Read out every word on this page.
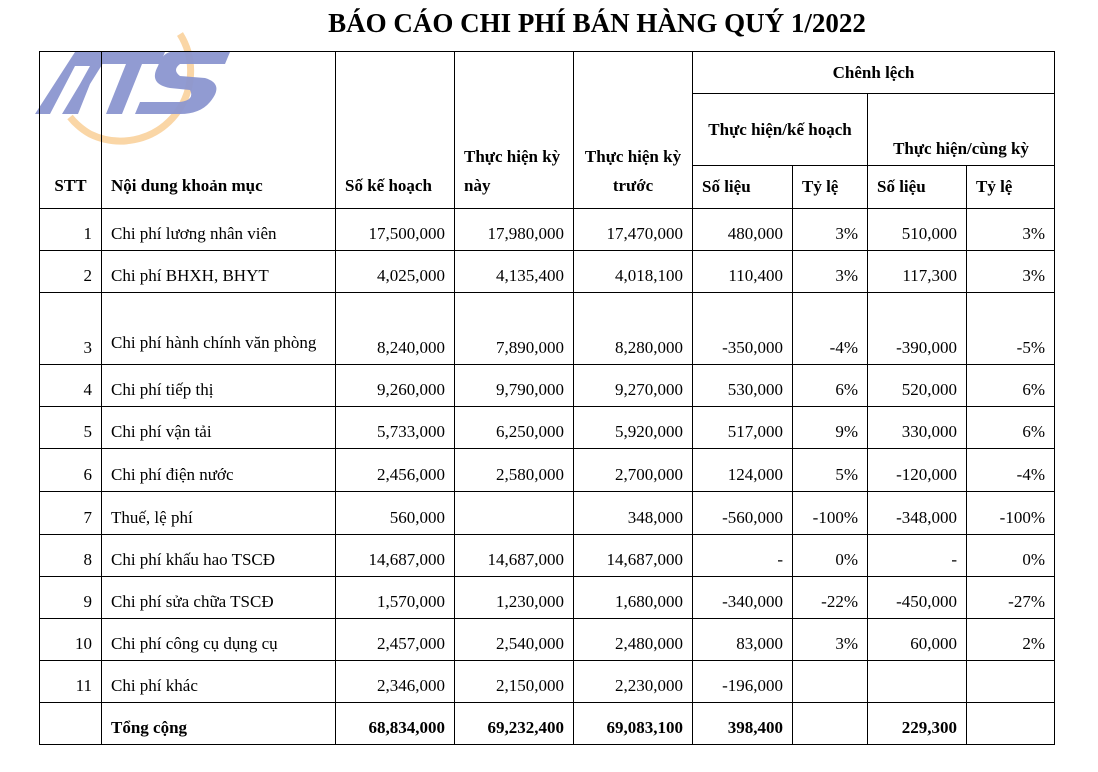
BÁO CÁO CHI PHÍ BÁN HÀNG QUÝ 1/2022
STT	Nội dung khoản mục	Số kế hoạch	Thực hiện kỳ này	Thực hiện kỳ trước	Chênh lệch			
					Thực hiện/kế hoạch		Thực hiện/cùng kỳ	
					Số liệu	Tỷ lệ	Số liệu	Tỷ lệ
1	Chi phí lương nhân viên	17,500,000	17,980,000	17,470,000	480,000	3%	510,000	3%
2	Chi phí BHXH, BHYT	4,025,000	4,135,400	4,018,100	110,400	3%	117,300	3%
3	Chi phí hành chính văn phòng	8,240,000	7,890,000	8,280,000	-350,000	-4%	-390,000	-5%
4	Chi phí tiếp thị	9,260,000	9,790,000	9,270,000	530,000	6%	520,000	6%
5	Chi phí vận tải	5,733,000	6,250,000	5,920,000	517,000	9%	330,000	6%
6	Chi phí điện nước	2,456,000	2,580,000	2,700,000	124,000	5%	-120,000	-4%
7	Thuế, lệ phí	560,000		348,000	-560,000	-100%	-348,000	-100%
8	Chi phí khấu hao TSCĐ	14,687,000	14,687,000	14,687,000	-	0%	-	0%
9	Chi phí sửa chữa TSCĐ	1,570,000	1,230,000	1,680,000	-340,000	-22%	-450,000	-27%
10	Chi phí công cụ dụng cụ	2,457,000	2,540,000	2,480,000	83,000	3%	60,000	2%
11	Chi phí khác	2,346,000	2,150,000	2,230,000	-196,000			
	Tổng cộng	68,834,000	69,232,400	69,083,100	398,400		229,300	
